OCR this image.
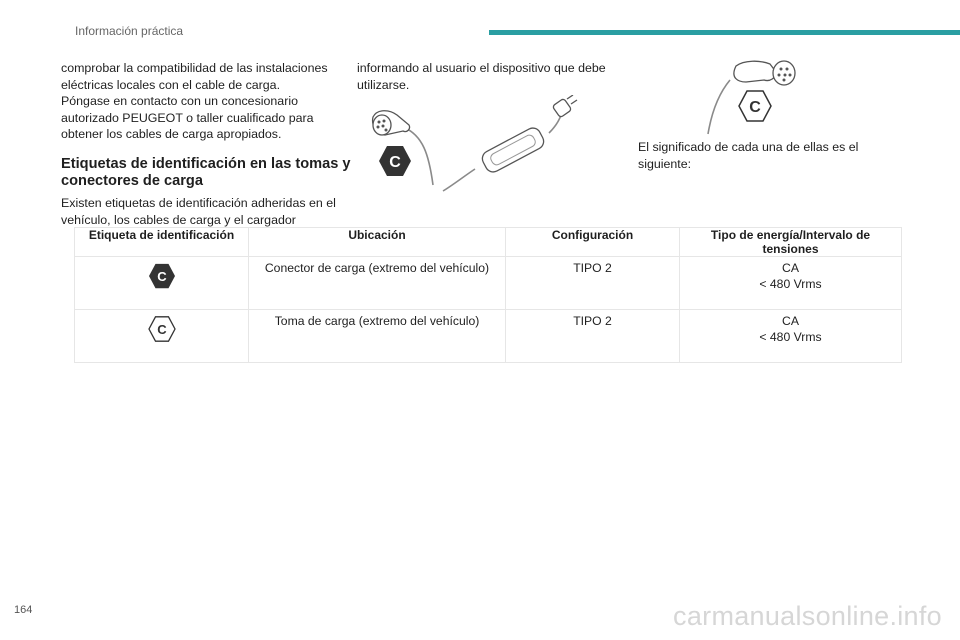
Información práctica

comprobar la compatibilidad de las instalaciones eléctricas locales con el cable de carga.

Póngase en contacto con un concesionario autorizado PEUGEOT o taller cualificado para obtener los cables de carga apropiados.

Etiquetas de identificación en las tomas y conectores de carga

Existen etiquetas de identificación adheridas en el vehículo, los cables de carga y el cargador

informando al usuario el dispositivo que debe utilizarse.

C
C

El significado de cada una de ellas es el siguiente:

Etiqueta de identificación	Ubicación	Configuración	Tipo de energía/Intervalo de tensiones

C	Conector de carga (extremo del vehículo)	TIPO 2	CA
< 480 Vrms

C	Toma de carga (extremo del vehículo)	TIPO 2	CA
< 480 Vrms
164	carmanualsonline.info
